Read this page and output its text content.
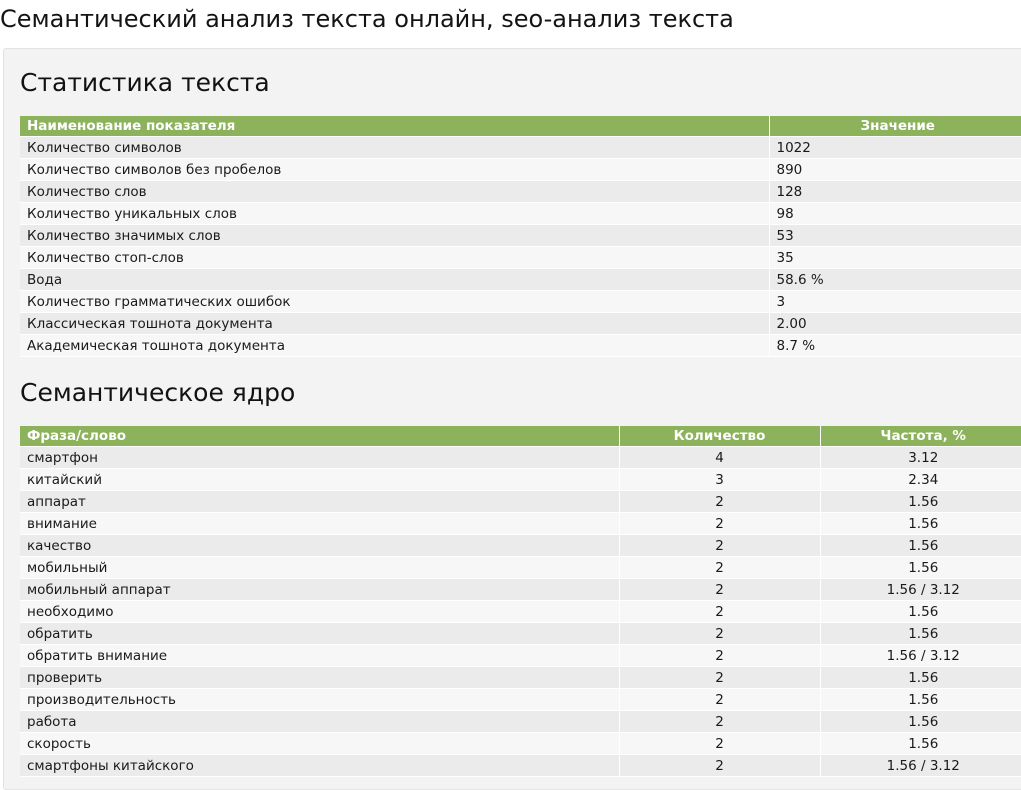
Семантический анализ текста онлайн, seo-анализ текста
Статистика текста
Наименование показателя	Значение
Количество символов	1022
Количество символов без пробелов	890
Количество слов	128
Количество уникальных слов	98
Количество значимых слов	53
Количество стоп-слов	35
Вода	58.6 %
Количество грамматических ошибок	3
Классическая тошнота документа	2.00
Академическая тошнота документа	8.7 %
Семантическое ядро
Фраза/слово	Количество	Частота, %
смартфон	4	3.12
китайский	3	2.34
аппарат	2	1.56
внимание	2	1.56
качество	2	1.56
мобильный	2	1.56
мобильный аппарат	2	1.56 / 3.12
необходимо	2	1.56
обратить	2	1.56
обратить внимание	2	1.56 / 3.12
проверить	2	1.56
производительность	2	1.56
работа	2	1.56
скорость	2	1.56
смартфоны китайского	2	1.56 / 3.12
